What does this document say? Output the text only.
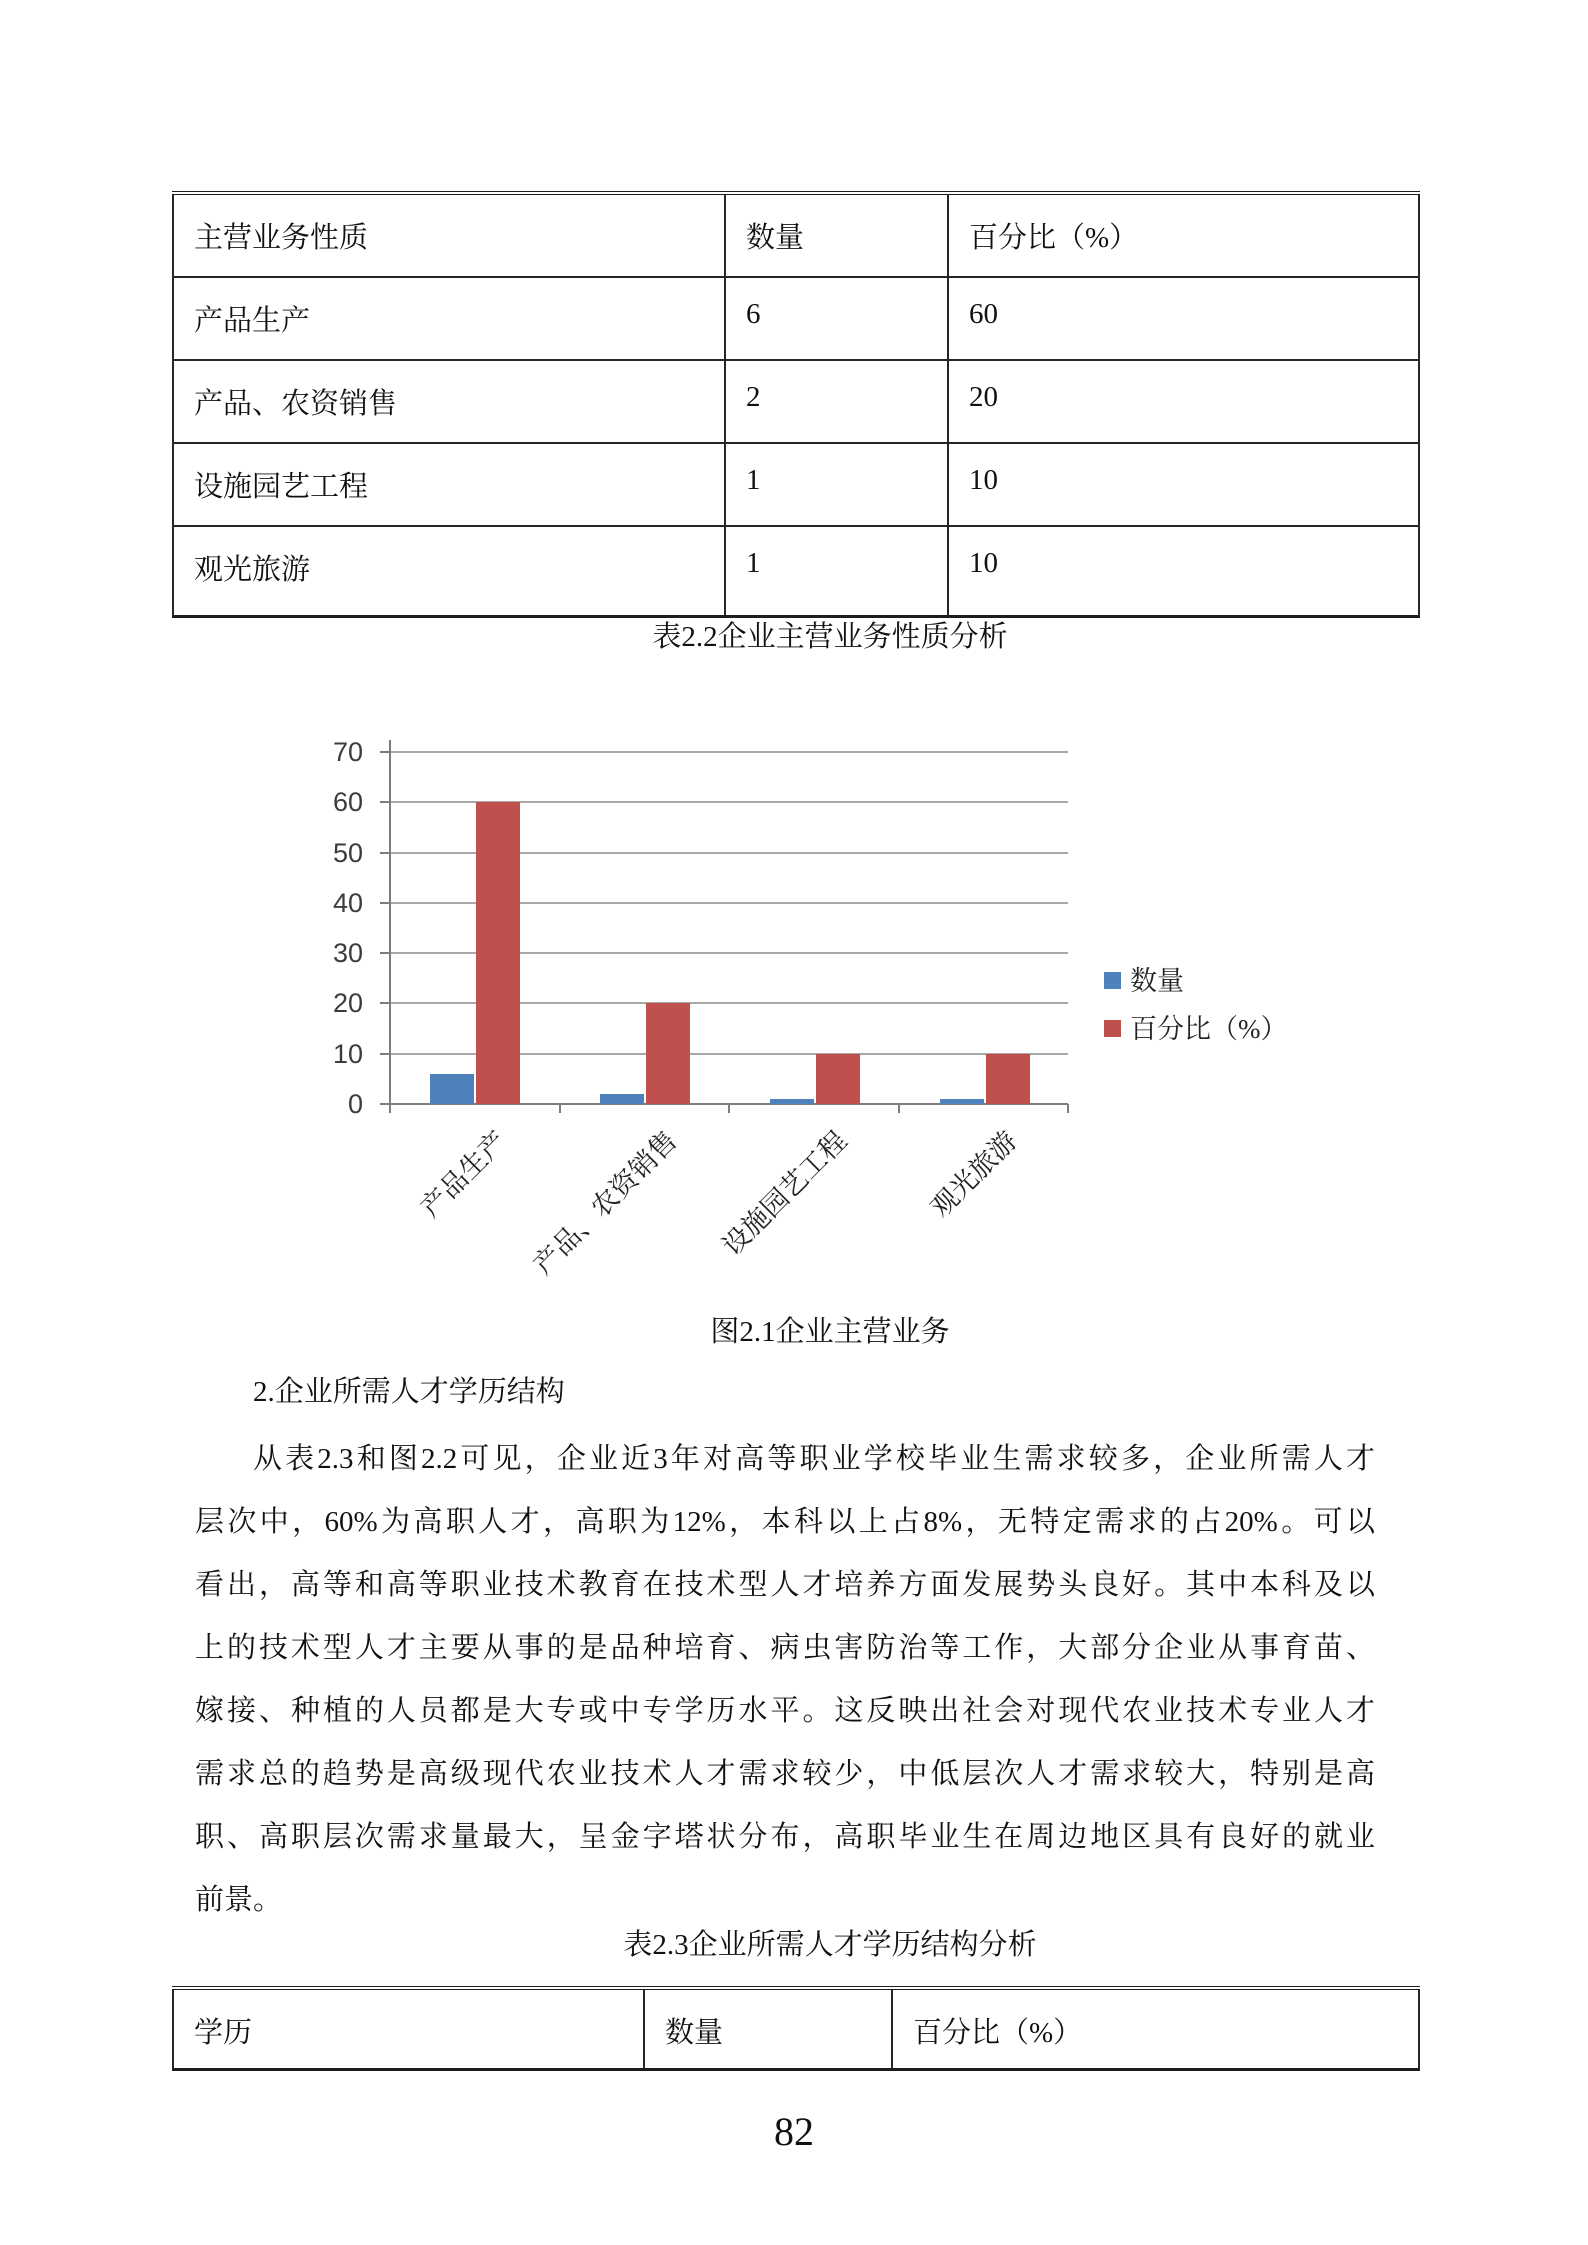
主营业务性质	数量	百分比（%）
产品生产	6	60
产品、农资销售	2	20
设施园艺工程	1	10
观光旅游	1	10
表2.2企业主营业务性质分析
0
10
20
30
40
50
60
70
产品生产 产品、农资销售	设施园艺工程	观光旅游
数量
百分比（%）
图2.1企业主营业务
2.企业所需人才学历结构
从表2.3和图2.2可见，企业近3年对高等职业学校毕业生需求较多，企业所需人才
层次中，60%为高职人才，高职为12%，本科以上占8%，无特定需求的占20%。可以
看出，高等和高等职业技术教育在技术型人才培养方面发展势头良好。其中本科及以
上的技术型人才主要从事的是品种培育、病虫害防治等工作，大部分企业从事育苗、
嫁接、种植的人员都是大专或中专学历水平。这反映出社会对现代农业技术专业人才
需求总的趋势是高级现代农业技术人才需求较少，中低层次人才需求较大，特别是高
职、高职层次需求量最大，呈金字塔状分布，高职毕业生在周边地区具有良好的就业
前景。
表2.3企业所需人才学历结构分析
学历	数量	百分比（%）
82
